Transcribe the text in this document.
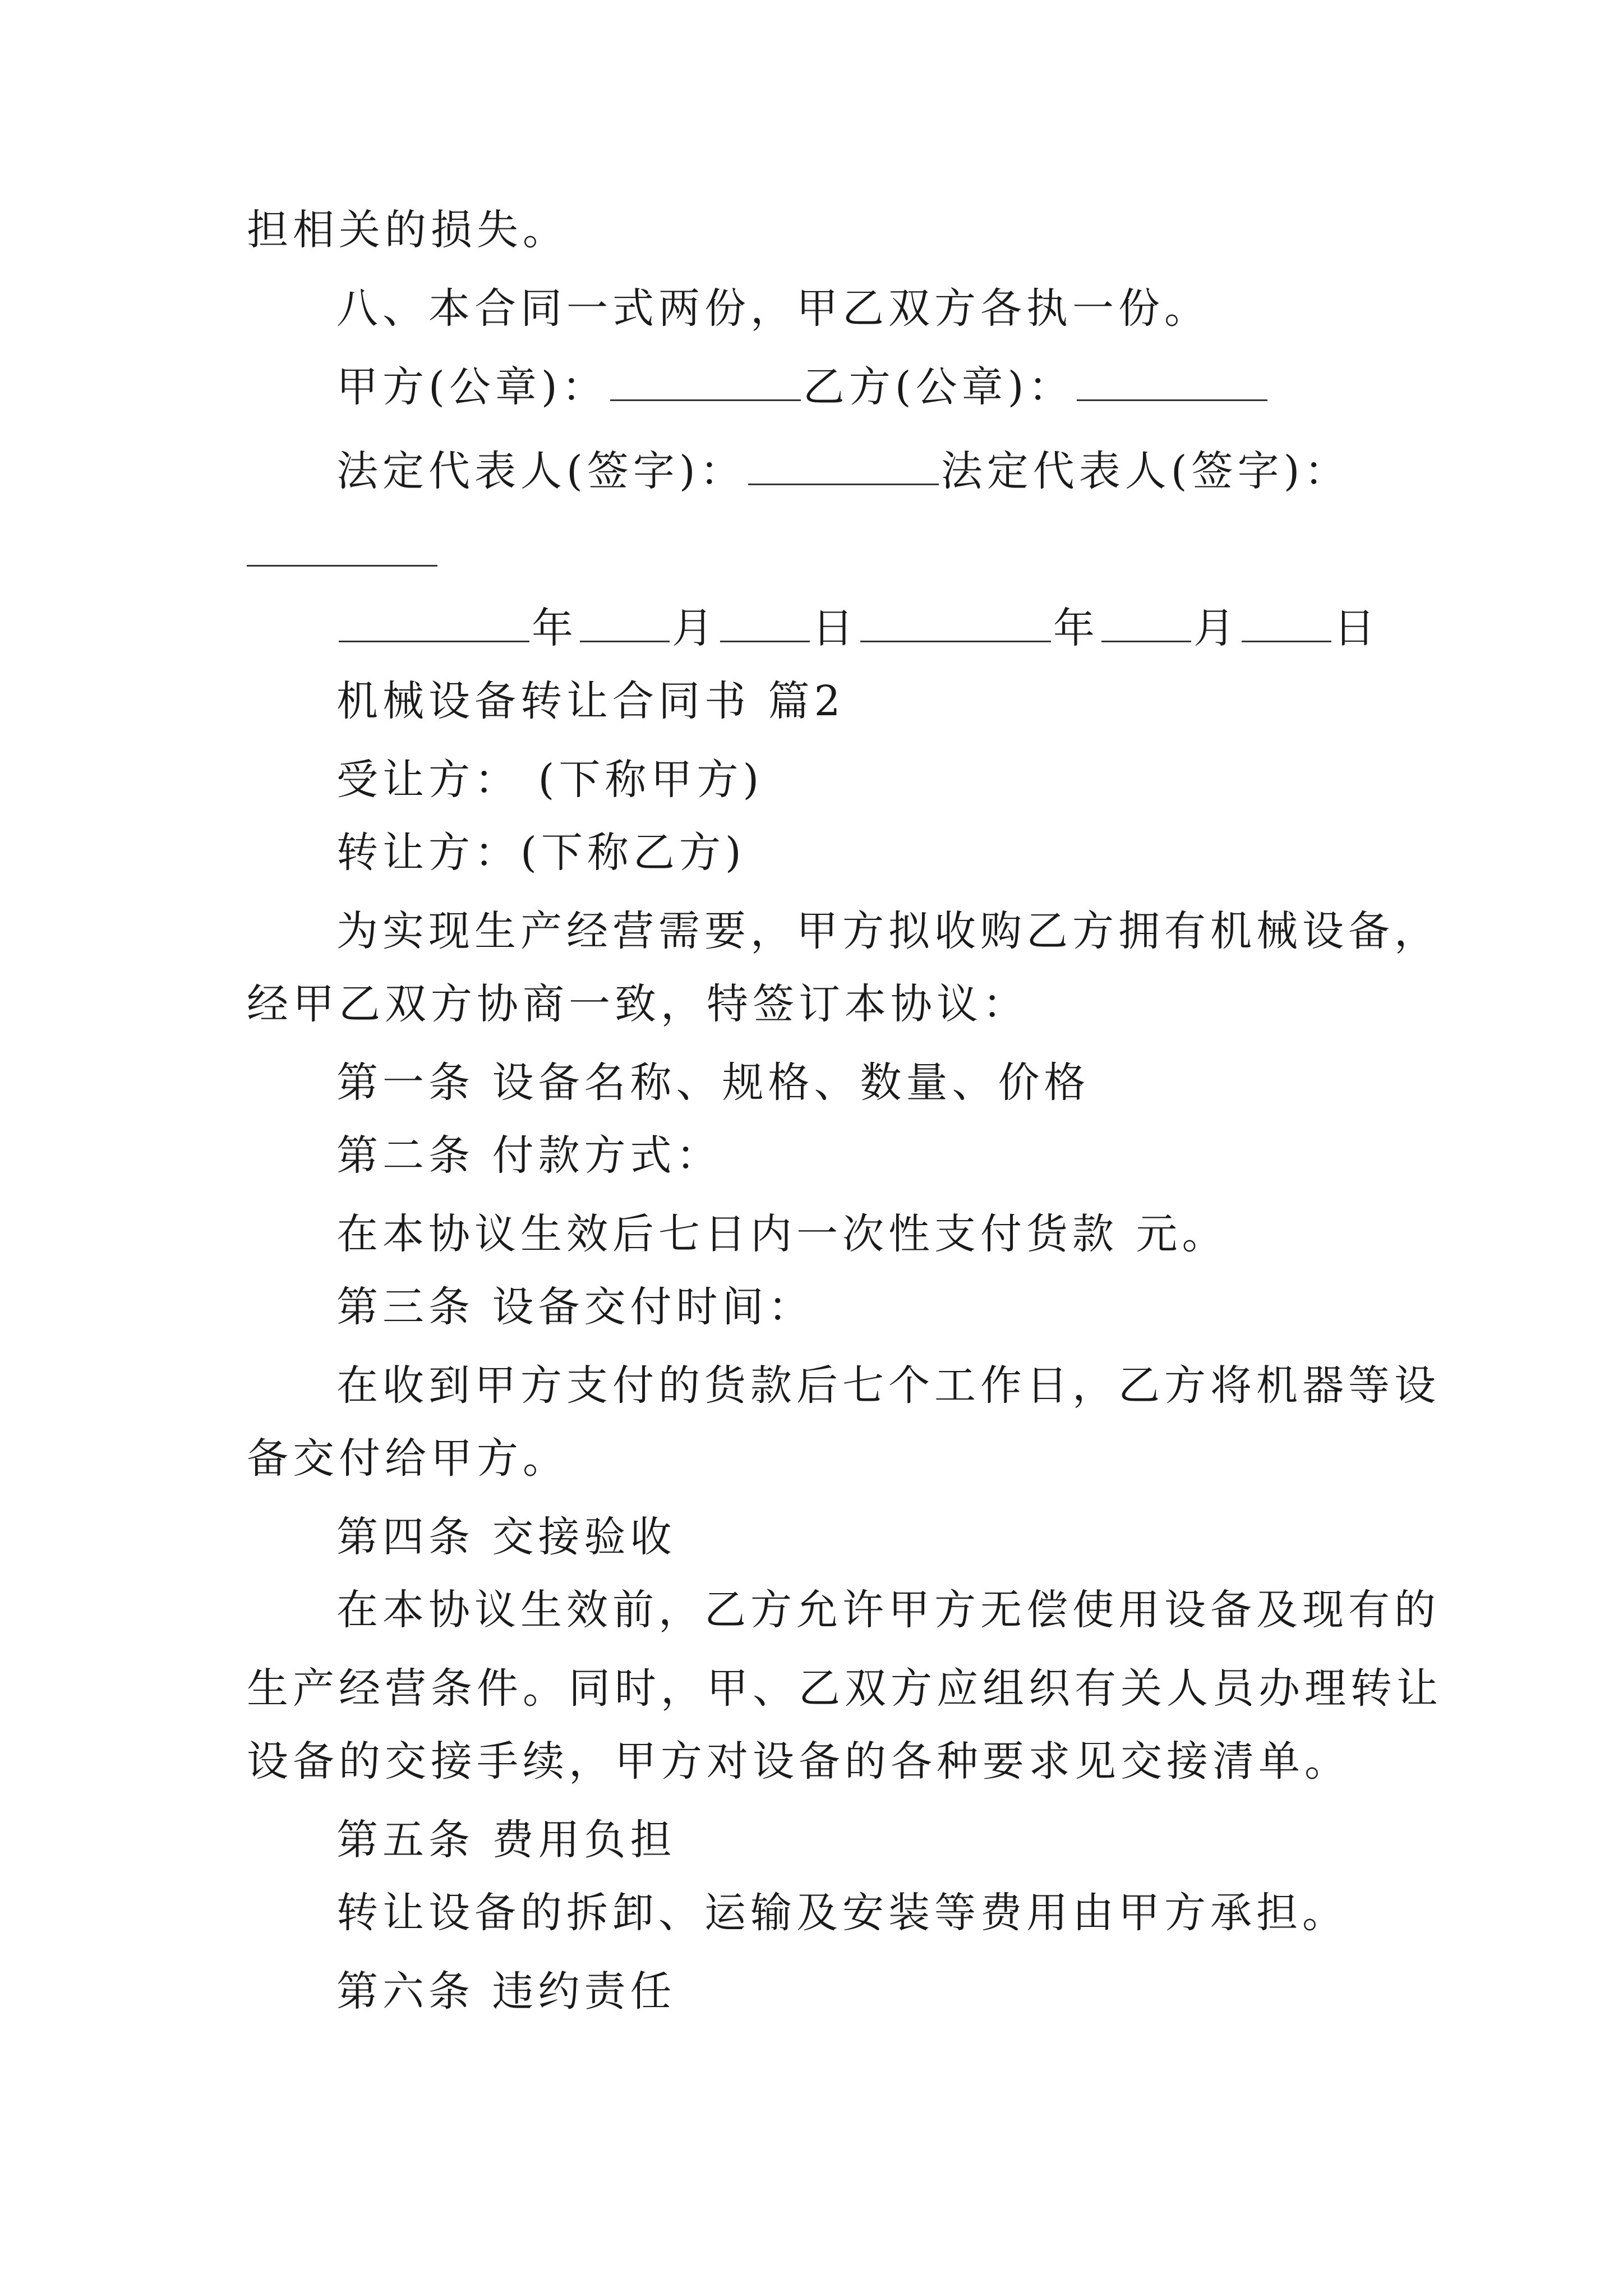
担相关的损失。
八、本合同一式两份，甲乙双方各执一份。
甲方(公章)：	乙方(公章)：
法定代表人(签字)：	法定代表人(签字)：
年 月 日	年 月 日
机械设备转让合同书 篇2
受让方： (下称甲方)
转让方：(下称乙方)
为实现生产经营需要，甲方拟收购乙方拥有机械设备，
经甲乙双方协商一致，特签订本协议：
第一条 设备名称、规格、数量、价格
第二条 付款方式：
在本协议生效后七日内一次性支付货款 元。
第三条 设备交付时间：
在收到甲方支付的货款后七个工作日，乙方将机器等设
备交付给甲方。
第四条 交接验收
在本协议生效前，乙方允许甲方无偿使用设备及现有的
生产经营条件。同时，甲、乙双方应组织有关人员办理转让
设备的交接手续，甲方对设备的各种要求见交接清单。
第五条 费用负担
转让设备的拆卸、运输及安装等费用由甲方承担。
第六条 违约责任
